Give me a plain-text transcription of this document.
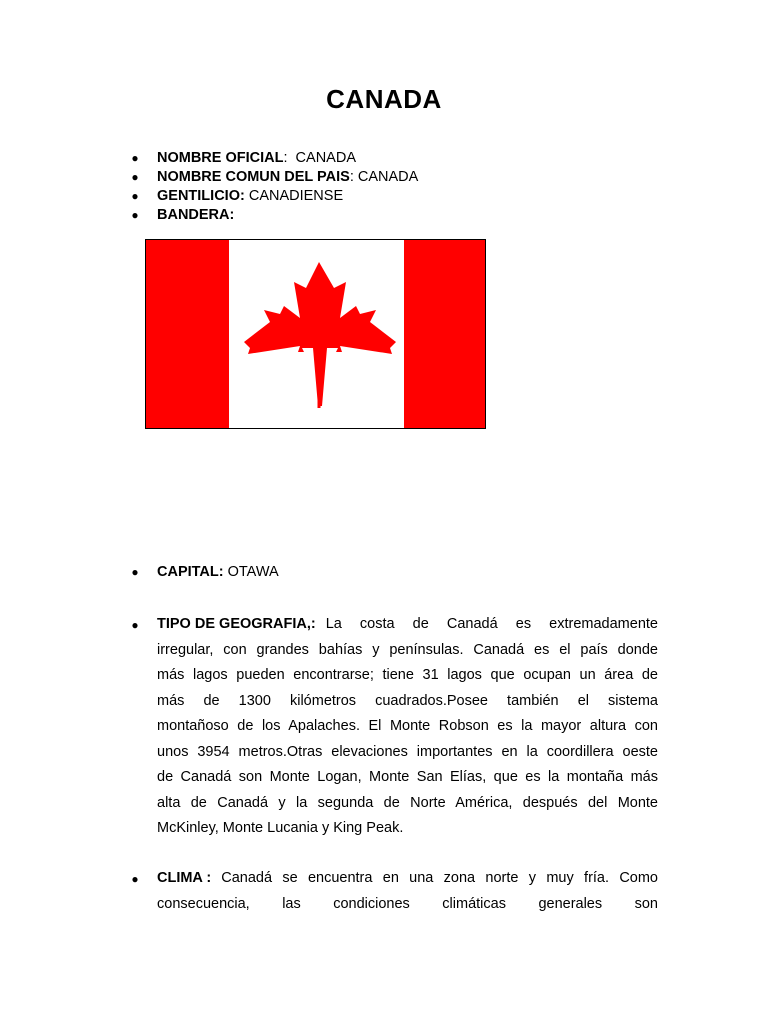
CANADA
● NOMBRE OFICIAL:  CANADA
● NOMBRE COMUN DEL PAIS: CANADA
● GENTILICIO: CANADIENSE
● BANDERA:
● CAPITAL: OTAWA
● TIPO DE GEOGRAFIA,: La costa de Canadá es extremadamente
irregular, con grandes bahías y penínsulas. Canadá es el país donde
más lagos pueden encontrarse; tiene 31 lagos que ocupan un área de
más de 1300 kilómetros cuadrados.Posee también el sistema
montañoso de los Apalaches. El Monte Robson es la mayor altura con
unos 3954 metros.Otras elevaciones importantes en la coordillera oeste
de Canadá son Monte Logan, Monte San Elías, que es la montaña más
alta de Canadá y la segunda de Norte América, después del Monte
McKinley, Monte Lucania y King Peak.
● CLIMA : Canadá se encuentra en una zona norte y muy fría. Como
consecuencia, las condiciones climáticas generales son
